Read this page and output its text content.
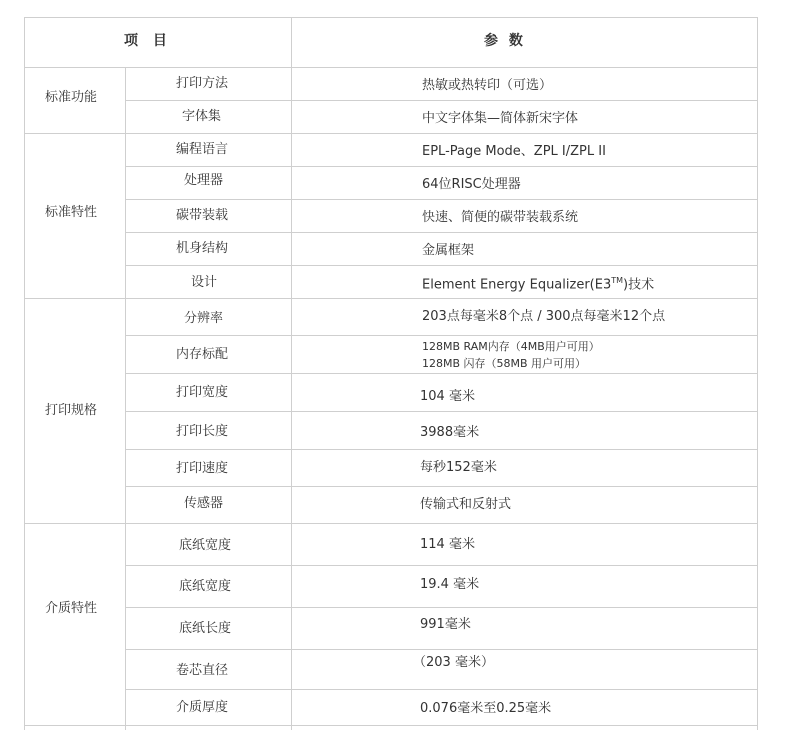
项 目	参 数
标准功能
标准特性
打印规格
介质特性
打印方法
字体集
编程语言
处理器
碳带装载
机身结构
设计
分辨率
内存标配
打印宽度
打印长度
打印速度
传感器
底纸宽度
底纸宽度
底纸长度
卷芯直径
介质厚度
热敏或热转印（可选）
中文字体集—简体新宋字体
EPL-Page Mode、ZPL I/ZPL II
64位RISC处理器
快速、简便的碳带装载系统
金属框架
Element Energy Equalizer(E3™)技术
203点每毫米8个点 / 300点每毫米12个点
128MB RAM内存（4MB用户可用）
128MB 闪存（58MB 用户可用）
104 毫米
3988毫米
每秒152毫米
传输式和反射式
114 毫米
19.4 毫米
991毫米
（203 毫米）
0.076毫米至0.25毫米
